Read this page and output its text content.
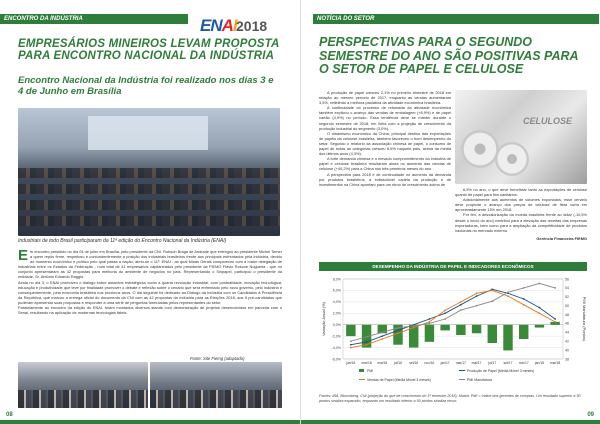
ENCONTRO DA INDÚSTRIA	ENAI 2018
EMPRESÁRIOS MINEIROS LEVAM PROPOSTA PARA ENCONTRO NACIONAL DA INDÚSTRIA
Encontro Nacional da Indústria foi realizado nos dias 3 e 4 de Junho em Brasília
Industriais de todo Brasil participaram da 11ª edição do Encontro Nacional da Indústria (ENAI)

Em encontro presidido no dia 04 de julho em Brasília, pelo presidente da CNI, Robson Braga de Andrade que entregou ao presidente Michel Temer a quem repôs firme, respeitoso e contundentemente a posição dos industriais brasileiros frente aos principais enfrentados pela indústria, devido ao momento econômico e político pelo qual passa a nação, abriu-se o 11º. ENAI - ao qual Minas Gerais compareceu com a maior delegação de industriais entre os Estados da Federação - num total de 41 empresários capitaneados pelo presidente da FIEMG Flávio Roscoe Nogueira - que no conjunto apresentaram as 42 propostas para melhoria do ambiente de negócios no país. Representando o Sinpapel, participou o presidente da entidade, Sr. Antônio Eduardo Raggio.

Ainda no dia 3, o ENAI promoveu o diálogo sobre assuntos estratégicos como a quarta revolução industrial, com pontualidade, inovação tecnológica, educação e produtividade que teve por finalidade promover o debate e reflexão sobre o cenário que será enfrentado pelo novo governo, pelo indústria e consequentemente, pela economia brasileira nos próximos anos. O dia seguinte foi dedicado ao Diálogo da Indústria com os Candidatos à Presidência da República, que marcou a entrega oficial do documento da CNI com as 42 propostas da Indústria para as Eleições 2018, aos 5 pré-candidatos que puderam apresentar suas propostas e responder a uma série de perguntas formuladas pelos representantes do setor.

Paralelamente ao encontro da edição do ENAI, foram montados diversos stands com demonstração de projetos desenvolvidos em parceria com o Senai, resultando na aplicação de modernas tecnologias fabris.

Fonte: Site Fiemg (adaptado)
08
NOTÍCIA DO SETOR
PERSPECTIVAS PARA O SEGUNDO SEMESTRE DO ANO SÃO POSITIVAS PARA O SETOR DE PAPEL E CELULOSE

A produção de papel cresceu 2,1% no primeiro trimestre de 2018 em relação ao mesmo período de 2017, enquanto as vendas aumentaram 3,5%, refletindo a melhora paulatina da atividade econômica brasileira.

A continuidade do processo de retomada da atividade econômica também explicou o avanço das vendas de embalagem (+8,9%) e de papel cartão (4,9%) no período. Essa tendência deve se manter durante o segundo semestre de 2018, em linha com a projeção de crescimento da produção industrial do segmento (3,0%).

O dinamismo econômico da China, principal destino das exportações de papéis da celulose brasileira, também favoreceu o bom desempenho do setor. Segundo o relatório da associação chinesa de papel, o consumo de papel de todas as categorias cresceu 6,6% naquele país, acima da média dos últimos anos (4,3%).

A forte demanda chinesa e o elevado comprometimento da indústria de papel e celulose brasileira resultaram ainda no aumento das vendas de celulose (+40,2%) para a China nos três primeiros meses do ano.

A perspectiva para 2018 é de continuidade no aumento da demanda por produtos brasileiros, a indissolúvel cadeia da produção e de investimentos na China apontam para um ritmo de crescimento acima de

CELULOSE

6,5% no ano, o que deve beneficiar tanto as exportações de celulose quanto de papel para fins sanitários.

Adicionalmente aos aumentos de volumes exportados, esse cenário deve propiciar o avanço dos preços de celulose de fibra curta em aproximadamente 13% em 2018.

Por fim, a desvalorização da moeda brasileira frente ao dólar (-10,5% desde o início do ano) contribui para a elevação das receitas das empresas exportadoras, bem como para a ampliação da competitividade de produtos nacionais no mercado externo.

Gerência Financeira FIEMG

DESEMPENHO DA INDÚSTRIA DE PAPEL E INDICADORES ECONÔMICOS
-6,0%
-4,0%
-2,0%
0,0%
2,0%
4,0%
6,0%
8,0%
38
40
42
44
46
48
50
52
54
56
jan/16 mar/16 mai/16	jul/16 set/16 nov/16	jan/17 mar/17 mai/17	jul/17 set/17 nov/17	jan/18 mar/18
Variação Anual (%)	PMI Manufatura (Pontos)
PMI	Produção de Papel (Média Móvel 3 meses)
Vendas de Papel (Média Móvel 3 meses)	PMI Manufatura
Fontes: IBÁ, Bloomberg, CNI (projeção do que de crescimento do 1º trimestre 2018), Markit. PMI = índice dos gerentes de compras. Um resultado superior a 50 pontos sinaliza expansão, enquanto um resultado inferior a 50 pontos sinaliza recuo.
09
